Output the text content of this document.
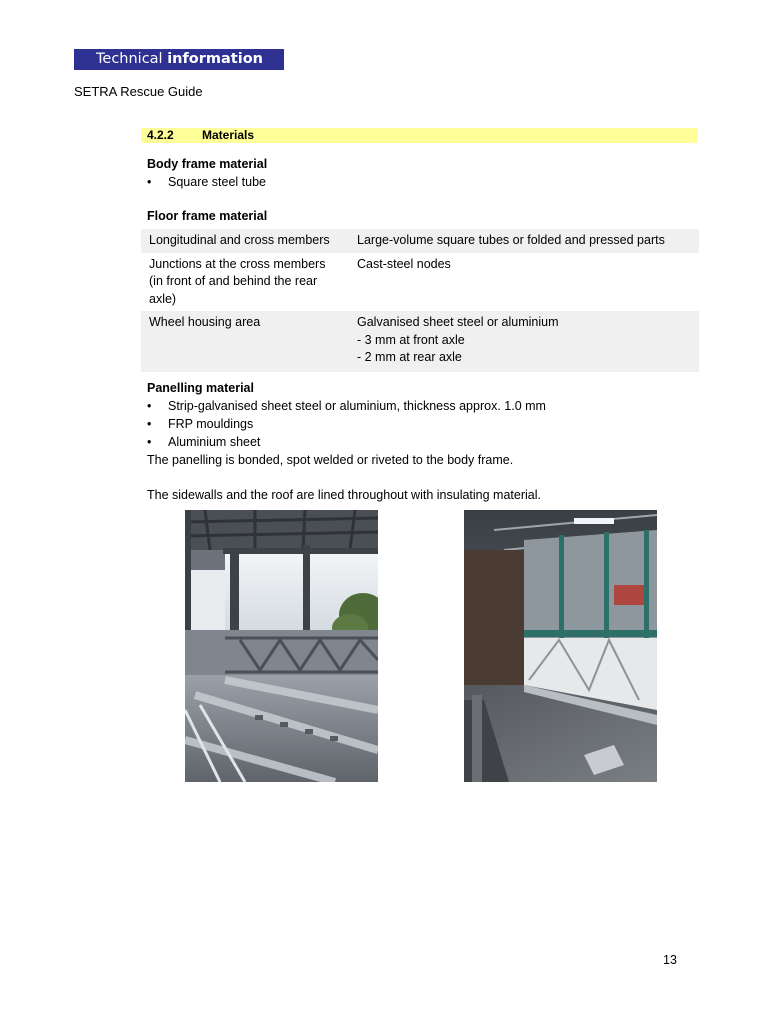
Technical information
SETRA Rescue Guide
4.2.2 Materials
Body frame material
• Square steel tube
Floor frame material
Longitudinal and cross members	Large-volume square tubes or folded and pressed parts

Junctions at the cross members
(in front of and behind the rear axle)	Cast-steel nodes

Wheel housing area	Galvanised sheet steel or aluminium
- 3 mm at front axle
- 2 mm at rear axle
Panelling material
• Strip-galvanised sheet steel or aluminium, thickness approx. 1.0 mm
• FRP mouldings
• Aluminium sheet
The panelling is bonded, spot welded or riveted to the body frame.
The sidewalls and the roof are lined throughout with insulating material.
13
